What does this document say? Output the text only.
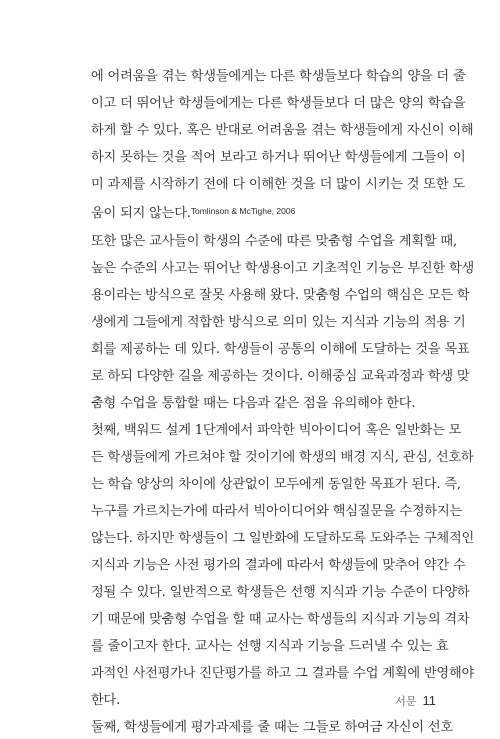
에 어려움을 겪는 학생들에게는 다른 학생들보다 학습의 양을 더 줄
이고 더 뛰어난 학생들에게는 다른 학생들보다 더 많은 양의 학습을
하게 할 수 있다. 혹은 반대로 어려움을 겪는 학생들에게 자신이 이해
하지 못하는 것을 적어 보라고 하거나 뛰어난 학생들에게 그들이 이
미 과제를 시작하기 전에 다 이해한 것을 더 많이 시키는 것 또한 도
움이 되지 않는다.$^{Tomlinson \& McTighe, 2006}$
또한 많은 교사들이 학생의 수준에 따른 맞춤형 수업을 계획할 때,
높은 수준의 사고는 뛰어난 학생용이고 기초적인 기능은 부진한 학생
용이라는 방식으로 잘못 사용해 왔다. 맞춤형 수업의 핵심은 모든 학
생에게 그들에게 적합한 방식으로 의미 있는 지식과 기능의 적용 기
회를 제공하는 데 있다. 학생들이 공통의 이해에 도달하는 것을 목표
로 하되 다양한 길을 제공하는 것이다. 이해중심 교육과정과 학생 맞
춤형 수업을 통합할 때는 다음과 같은 점을 유의해야 한다.
첫째, 백워드 설계 1단계에서 파악한 빅아이디어 혹은 일반화는 모
든 학생들에게 가르쳐야 할 것이기에 학생의 배경 지식, 관심, 선호하
는 학습 양상의 차이에 상관없이 모두에게 동일한 목표가 된다. 즉,
누구를 가르치는가에 따라서 빅아이디어와 핵심질문을 수정하지는
않는다. 하지만 학생들이 그 일반화에 도달하도록 도와주는 구체적인
지식과 기능은 사전 평가의 결과에 따라서 학생들에 맞추어 약간 수
정될 수 있다. 일반적으로 학생들은 선행 지식과 기능 수준이 다양하
기 때문에 맞춤형 수업을 할 때 교사는 학생들의 지식과 기능의 격차
를 줄이고자 한다. 교사는 선행 지식과 기능을 드러낼 수 있는 효
과적인 사전평가나 진단평가를 하고 그 결과를 수업 계획에 반영해야
한다.
둘째, 학생들에게 평가과제를 줄 때는 그들로 하여금 자신이 선호
서문 11
